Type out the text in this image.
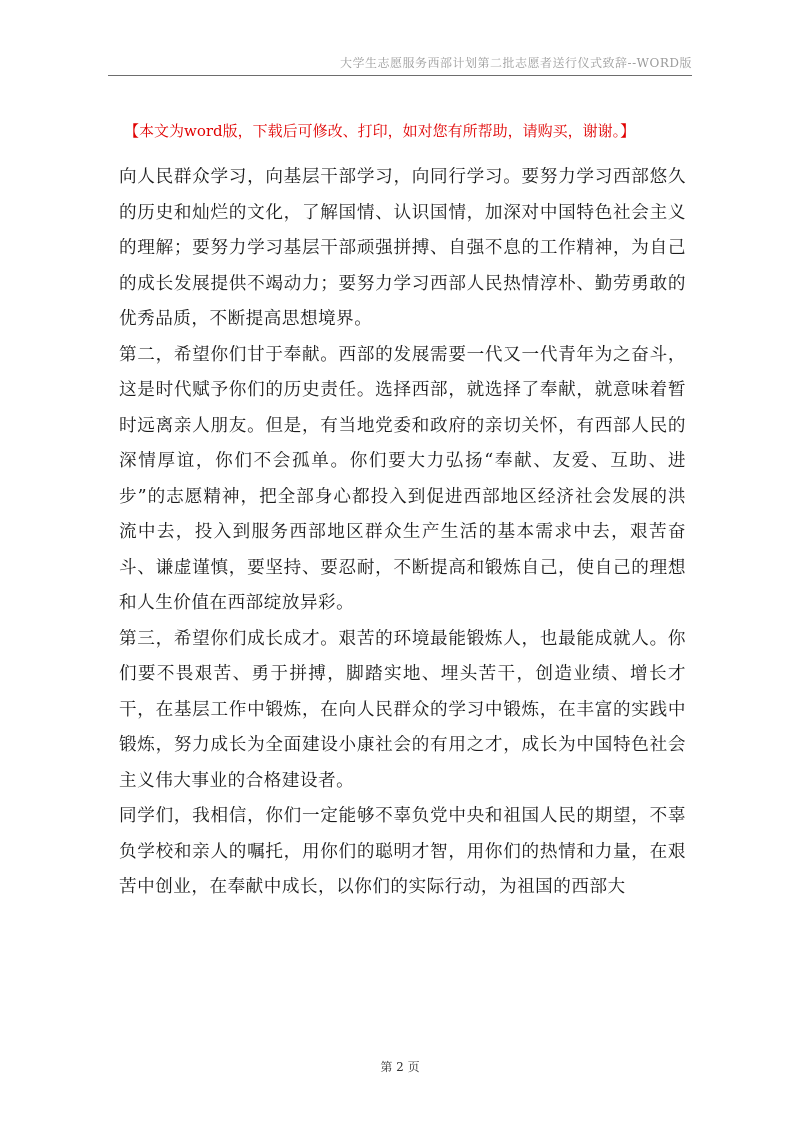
大学生志愿服务西部计划第二批志愿者送行仪式致辞--WORD版
【本文为word版，下载后可修改、打印，如对您有所帮助，请购买，谢谢。】

向人民群众学习，向基层干部学习，向同行学习。要努力学习西部悠久的历史和灿烂的文化，了解国情、认识国情，加深对中国特色社会主义的理解；要努力学习基层干部顽强拼搏、自强不息的工作精神，为自己的成长发展提供不竭动力；要努力学习西部人民热情淳朴、勤劳勇敢的优秀品质，不断提高思想境界。

第二，希望你们甘于奉献。西部的发展需要一代又一代青年为之奋斗，这是时代赋予你们的历史责任。选择西部，就选择了奉献，就意味着暂时远离亲人朋友。但是，有当地党委和政府的亲切关怀，有西部人民的深情厚谊，你们不会孤单。你们要大力弘扬“奉献、友爱、互助、进步”的志愿精神，把全部身心都投入到促进西部地区经济社会发展的洪流中去，投入到服务西部地区群众生产生活的基本需求中去，艰苦奋斗、谦虚谨慎，要坚持、要忍耐，不断提高和锻炼自己，使自己的理想和人生价值在西部绽放异彩。

第三，希望你们成长成才。艰苦的环境最能锻炼人，也最能成就人。你们要不畏艰苦、勇于拼搏，脚踏实地、埋头苦干，创造业绩、增长才干，在基层工作中锻炼，在向人民群众的学习中锻炼，在丰富的实践中锻炼，努力成长为全面建设小康社会的有用之才，成长为中国特色社会主义伟大事业的合格建设者。

同学们，我相信，你们一定能够不辜负党中央和祖国人民的期望，不辜负学校和亲人的嘱托，用你们的聪明才智，用你们的热情和力量，在艰苦中创业，在奉献中成长，以你们的实际行动，为祖国的西部大

第 2 页
